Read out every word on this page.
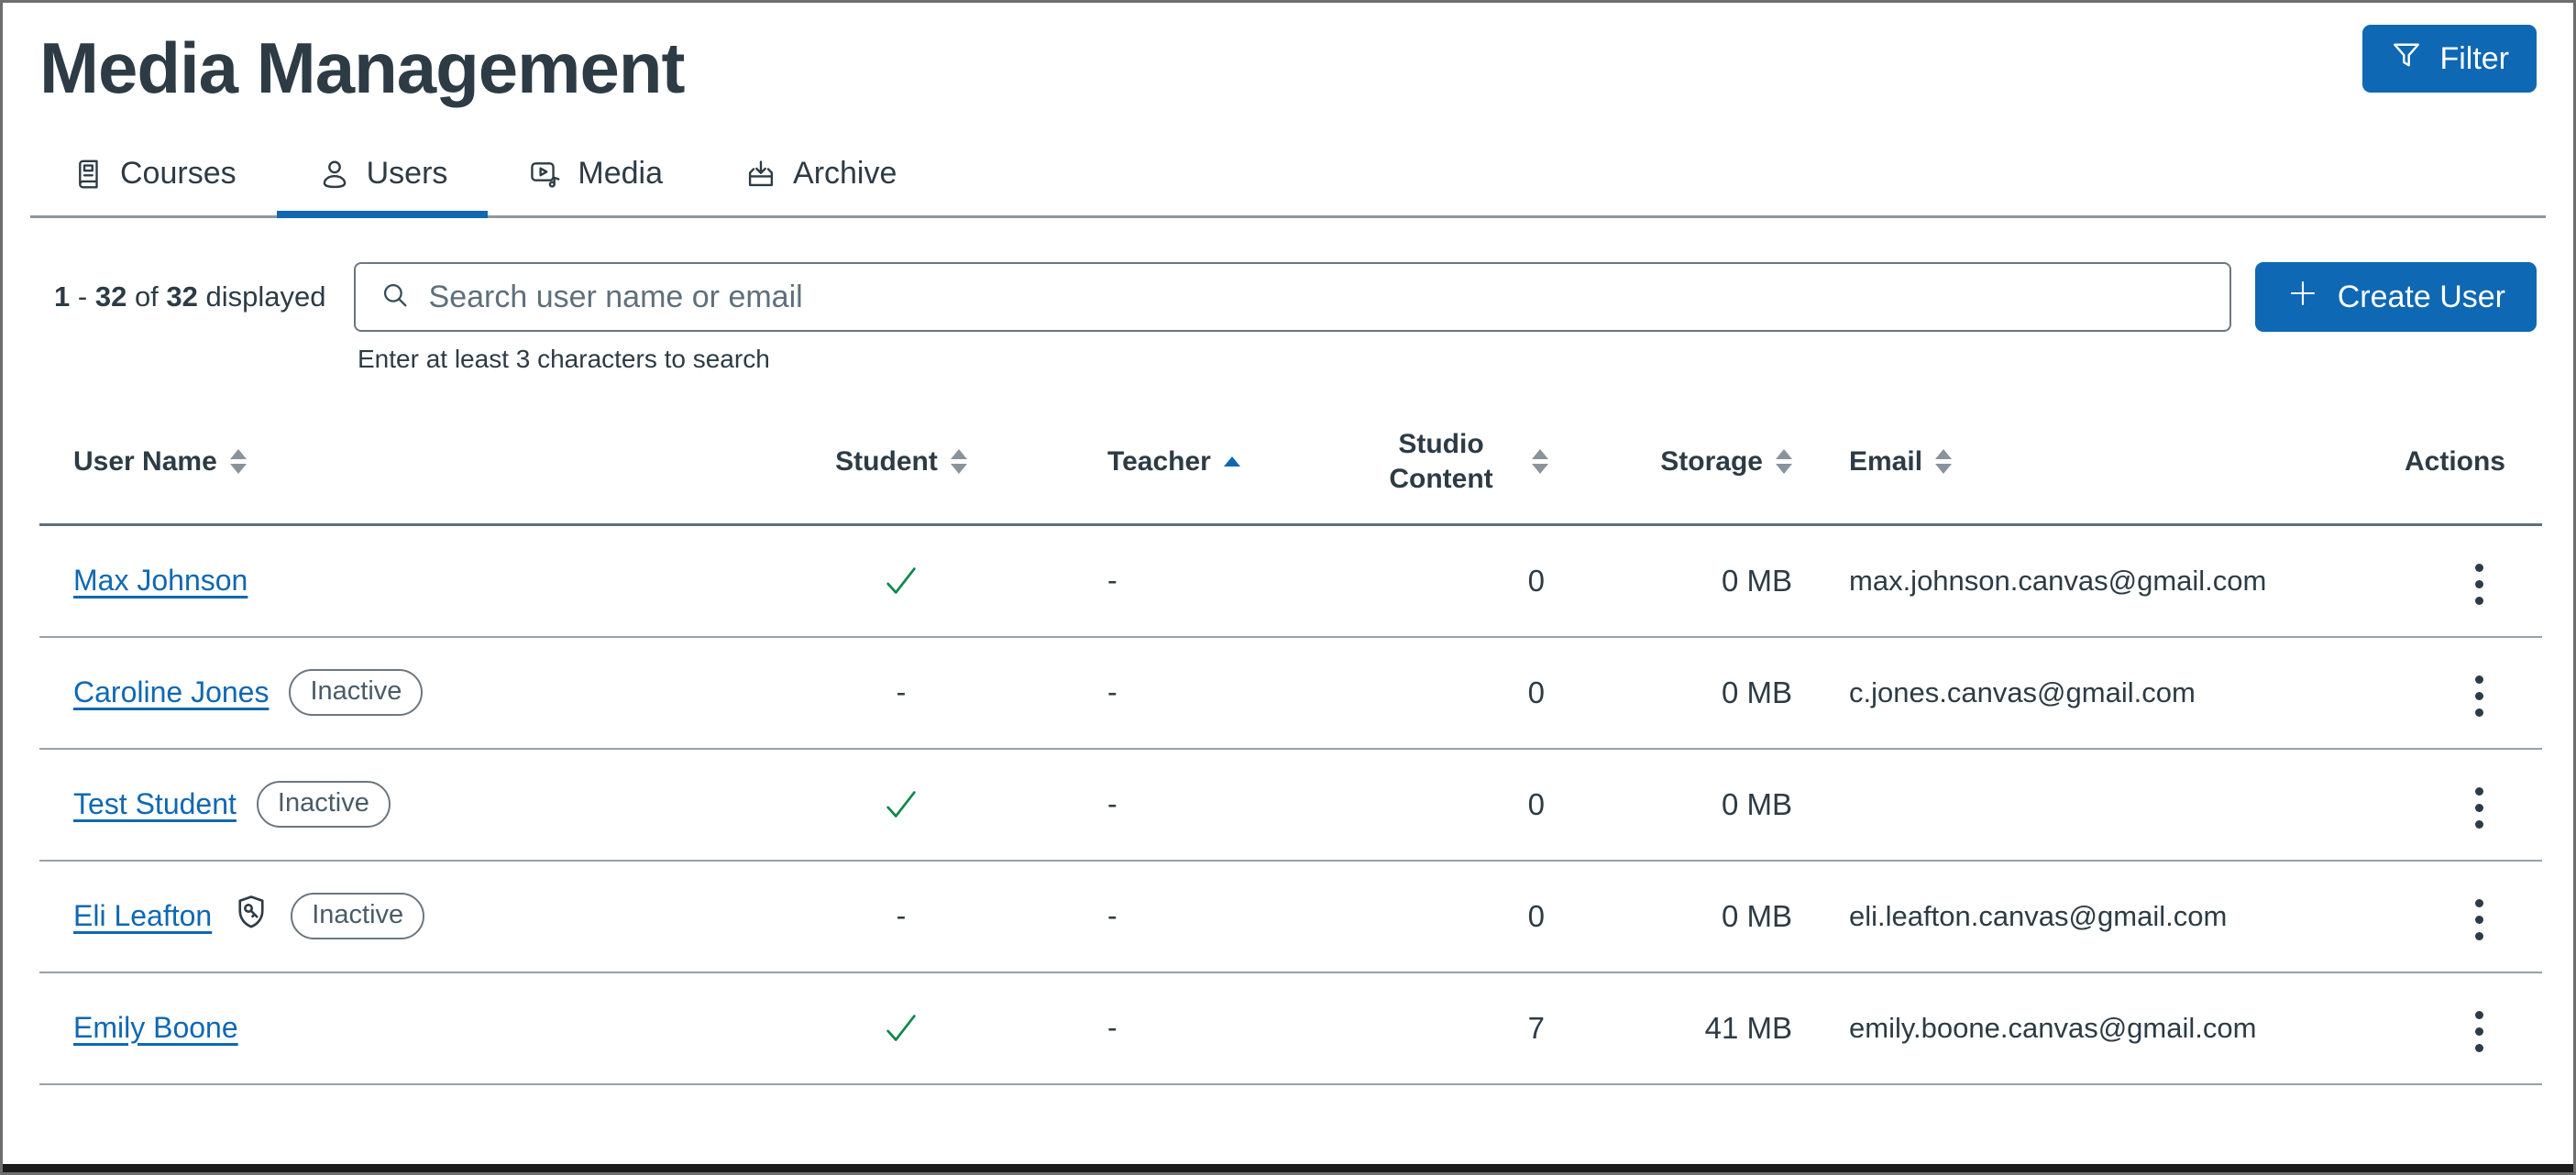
Media Management	Filter
Courses	Users	Media	Archive
1 - 32 of 32 displayed
Search user name or email	Create User
Enter at least 3 characters to search
User Name	Student	Teacher	Studio Content	Storage	Email	Actions

Max Johnson		-	0	0 MB	max.johnson.canvas@gmail.com	

Caroline Jones Inactive	-	-	0	0 MB	c.jones.canvas@gmail.com	

Test Student Inactive		-	0	0 MB		

Eli Leafton Inactive	-	-	0	0 MB	eli.leafton.canvas@gmail.com	

Emily Boone		-	7	41 MB	emily.boone.canvas@gmail.com	
